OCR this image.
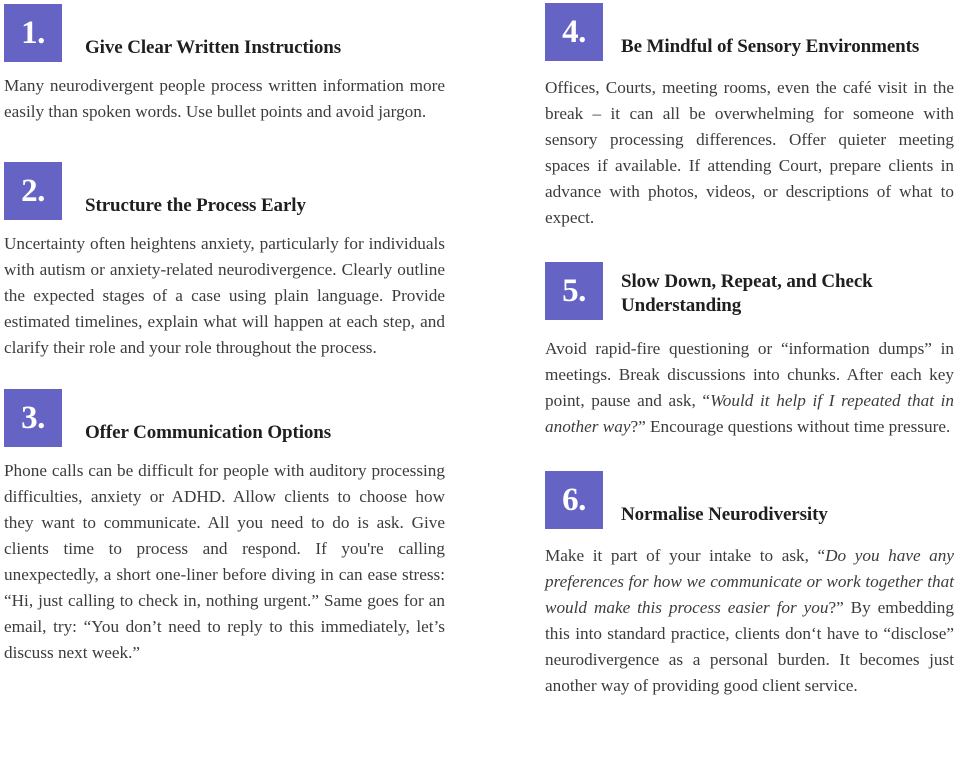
1.	Give Clear Written Instructions
Many neurodivergent people process written information more easily than spoken words. Use bullet points and avoid jargon.
2.	Structure the Process Early
Uncertainty often heightens anxiety, particularly for individuals with autism or anxiety-related neurodivergence. Clearly outline the expected stages of a case using plain language. Provide estimated timelines, explain what will happen at each step, and clarify their role and your role throughout the process.
3.	Offer Communication Options
Phone calls can be difficult for people with auditory processing difficulties, anxiety or ADHD. Allow clients to choose how they want to communicate. All you need to do is ask. Give clients time to process and respond. If you're calling unexpectedly, a short one-liner before diving in can ease stress: “Hi, just calling to check in, nothing urgent.” Same goes for an email, try: “You don’t need to reply to this immediately, let’s discuss next week.”
4.	Be Mindful of Sensory Environments
Offices, Courts, meeting rooms, even the café visit in the break – it can all be overwhelming for someone with sensory processing differences. Offer quieter meeting spaces if available. If attending Court, prepare clients in advance with photos, videos, or descriptions of what to expect.
5.	Slow Down, Repeat, and Check Understanding
Avoid rapid-fire questioning or “information dumps” in meetings. Break discussions into chunks. After each key point, pause and ask, “Would it help if I repeated that in another way?” Encourage questions without time pressure.
6.	Normalise Neurodiversity
Make it part of your intake to ask, “Do you have any preferences for how we communicate or work together that would make this process easier for you?” By embedding this into standard practice, clients don‘t have to “disclose” neurodivergence as a personal burden. It becomes just another way of providing good client service.
